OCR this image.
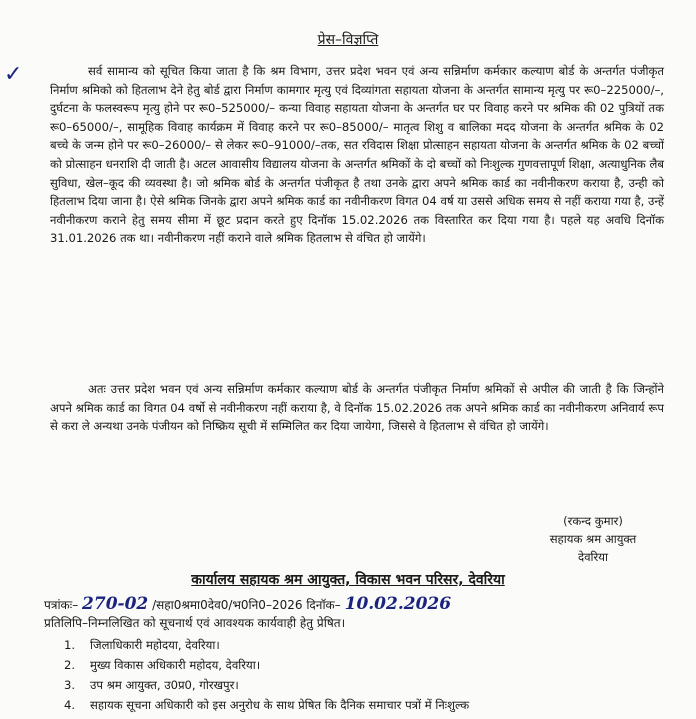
प्रेस–विज्ञप्ति

सर्व सामान्य को सूचित किया जाता है कि श्रम विभाग, उत्तर प्रदेश भवन एवं अन्य सन्निर्माण कर्मकार कल्याण बोर्ड के अन्तर्गत पंजीकृत निर्माण श्रमिको को हितलाभ देने हेतु बोर्ड द्वारा निर्माण कामगार मृत्यु एवं दिव्यांगता सहायता योजना के अन्तर्गत सामान्य मृत्यु पर रू0–225000/–, दुर्घटना के फलस्वरूप मृत्यु होने पर रू0–525000/– कन्या विवाह सहायता योजना के अन्तर्गत घर पर विवाह करने पर श्रमिक की 02 पुत्रियों तक रू0–65000/–, सामूहिक विवाह कार्यक्रम में विवाह करने पर रू0–85000/– मातृत्व शिशु व बालिका मदद योजना के अन्तर्गत श्रमिक के 02 बच्चे के जन्म होने पर रू0–26000/– से लेकर रू0–91000/–तक, सत रविदास शिक्षा प्रोत्साहन सहायता योजना के अन्तर्गत श्रमिक के 02 बच्चों को प्रोत्साहन धनराशि दी जाती है। अटल आवासीय विद्यालय योजना के अन्तर्गत श्रमिकों के दो बच्चों को निःशुल्क गुणवत्तापूर्ण शिक्षा, अत्याधुनिक लैब सुविधा, खेल–कूद की व्यवस्था है। जो श्रमिक बोर्ड के अन्तर्गत पंजीकृत है तथा उनके द्वारा अपने श्रमिक कार्ड का नवीनीकरण कराया है, उन्ही को हितलाभ दिया जाना है। ऐसे श्रमिक जिनके द्वारा अपने श्रमिक कार्ड का नवीनीकरण विगत 04 वर्ष या उससे अधिक समय से नहीं कराया गया है, उन्हें नवीनीकरण कराने हेतु समय सीमा में छूट प्रदान करते हुए दिनॉक 15.02.2026 तक विस्तारित कर दिया गया है। पहले यह अवधि दिनॉक 31.01.2026 तक था। नवीनीकरण नहीं कराने वाले श्रमिक हितलाभ से वंचित हो जायेंगे।

अतः उत्तर प्रदेश भवन एवं अन्य सन्निर्माण कर्मकार कल्याण बोर्ड के अन्तर्गत पंजीकृत निर्माण श्रमिकों से अपील की जाती है कि जिन्होंने अपने श्रमिक कार्ड का विगत 04 वर्षो से नवीनीकरण नहीं कराया है, वे दिनॉक 15.02.2026 तक अपने श्रमिक कार्ड का नवीनीकरण अनिवार्य रूप से करा ले अन्यथा उनके पंजीयन को निष्क्रिय सूची में सम्मिलित कर दिया जायेगा, जिससे वे हितलाभ से वंचित हो जायेंगे।

(रकन्द कुमार)
सहायक श्रम आयुक्त
देवरिया
कार्यालय सहायक श्रम आयुक्त, विकास भवन परिसर, देवरिया
पत्रांकः– 270-02 /सहा0श्रमा0देव0/भ0नि0–2026 दिनॉक– 10.02.2026
प्रतिलिपि–निम्नलिखित को सूचनार्थ एवं आवश्यक कार्यवाही हेतु प्रेषित।
1. जिलाधिकारी महोदया, देवरिया।
2. मुख्य विकास अधिकारी महोदय, देवरिया।
3. उप श्रम आयुक्त, उ0प्र0, गोरखपुर।
4. सहायक सूचना अधिकारी को इस अनुरोध के साथ प्रेषित कि दैनिक समाचार पत्रों में निःशुल्क
✓
